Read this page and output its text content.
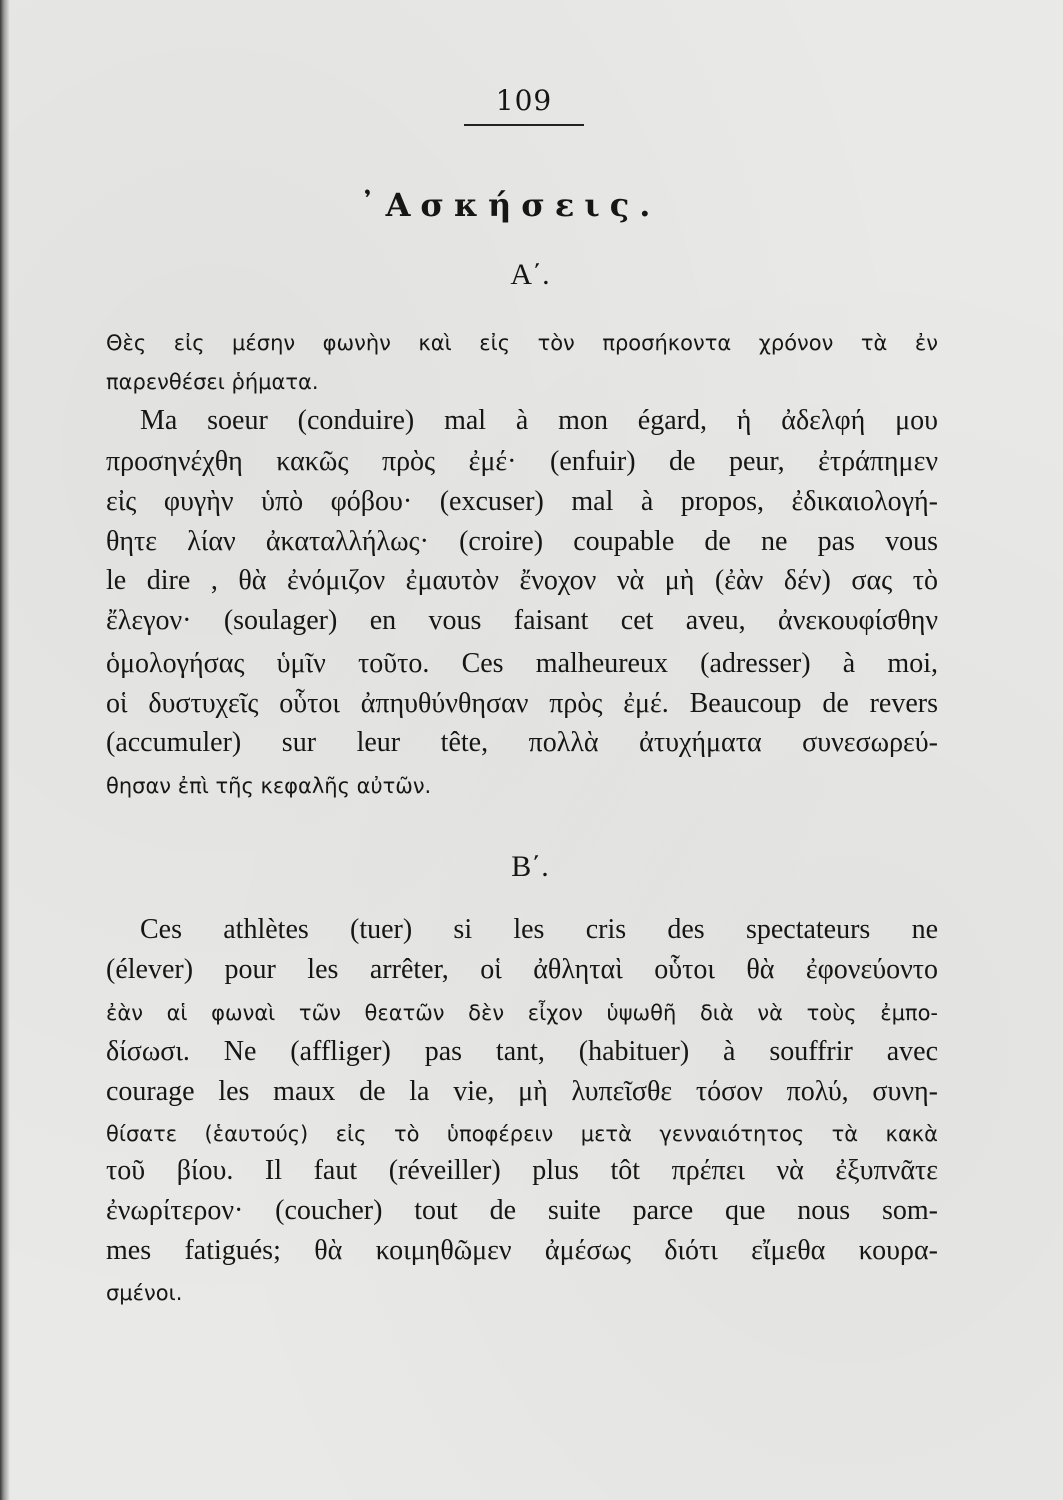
109
᾿Ασκήσεις.
Α΄.
Θὲς εἰς μέσην φωνὴν καὶ εἰς τὸν προσήκοντα χρόνον τὰ ἐν
παρενθέσει ῥήματα.
Ma soeur (conduire) mal à mon égard, ἡ ἀδελφή μου
προσηνέχθη κακῶς πρὸς ἐμέ· (enfuir) de peur, ἐτράπημεν
εἰς φυγὴν ὑπὸ φόβου· (excuser) mal à propos, ἐδικαιολογή-
θητε λίαν ἀκαταλλήλως· (croire) coupable de ne pas vous
le dire , θὰ ἐνόμιζον ἐμαυτὸν ἔνοχον νὰ μὴ (ἐὰν δέν) σας τὸ
ἔλεγον· (soulager) en vous faisant cet aveu, ἀνεκουφίσθην
ὁμολογήσας ὑμῖν τοῦτο. Ces malheureux (adresser) à moi,
οἱ δυστυχεῖς οὗτοι ἀπηυθύνθησαν πρὸς ἐμέ. Beaucoup de revers
(accumuler) sur leur tête, πολλὰ ἀτυχήματα συνεσωρεύ-
θησαν ἐπὶ τῆς κεφαλῆς αὐτῶν.
Β΄.
Ces athlètes (tuer) si les cris des spectateurs ne
(élever) pour les arrêter, οἱ ἀθληταὶ οὗτοι θὰ ἐφονεύοντο
ἐὰν αἱ φωναὶ τῶν θεατῶν δὲν εἶχον ὑψωθῆ διὰ νὰ τοὺς ἐμπο-
δίσωσι. Ne (affliger) pas tant, (habituer) à souffrir avec
courage les maux de la vie, μὴ λυπεῖσθε τόσον πολύ, συνη-
θίσατε (ἑαυτούς) εἰς τὸ ὑποφέρειν μετὰ γενναιότητος τὰ κακὰ
τοῦ βίου. Il faut (réveiller) plus tôt πρέπει νὰ ἐξυπνᾶτε
ἐνωρίτερον· (coucher) tout de suite parce que nous som-
mes fatigués; θὰ κοιμηθῶμεν ἀμέσως διότι εἴμεθα κουρα-
σμένοι.
